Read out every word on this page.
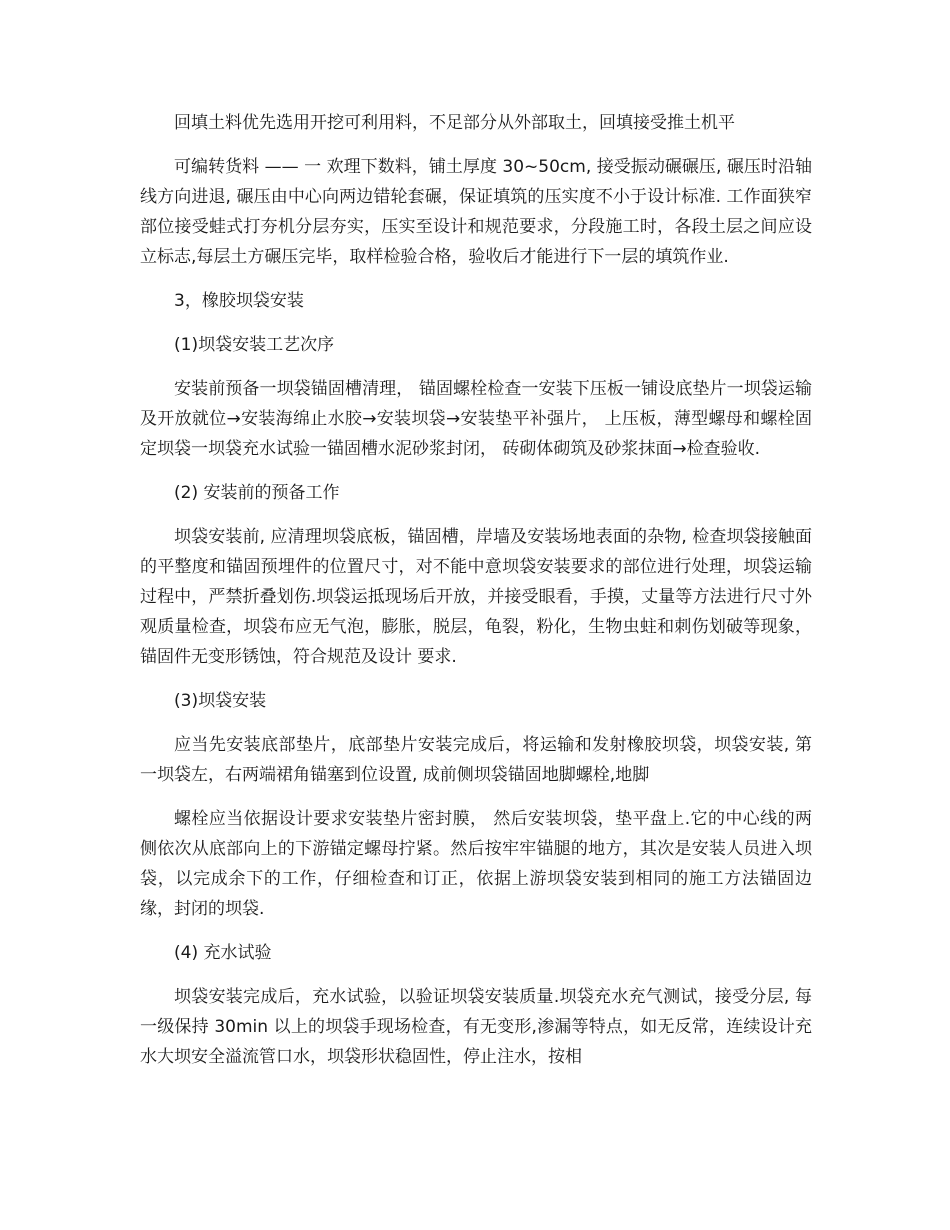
回填土料优先选用开挖可利用料，不足部分从外部取土，回填接受推土机平

可编转货料 —— 一 欢理下数料，铺土厚度 30~50cm, 接受振动碾碾压, 碾压时沿轴线方向进退, 碾压由中心向两边错轮套碾，保证填筑的压实度不小于设计标准. 工作面狭窄部位接受蛙式打夯机分层夯实，压实至设计和规范要求，分段施工时，各段土层之间应设立标志,每层土方碾压完毕，取样检验合格，验收后才能进行下一层的填筑作业.

3，橡胶坝袋安装

(1)坝袋安装工艺次序

安装前预备一坝袋锚固槽清理， 锚固螺栓检查一安装下压板一铺设底垫片一坝袋运输及开放就位→安装海绵止水胶→安装坝袋→安装垫平补强片， 上压板，薄型螺母和螺栓固定坝袋一坝袋充水试验一锚固槽水泥砂浆封闭， 砖砌体砌筑及砂浆抹面→检查验收.

(2) 安装前的预备工作

坝袋安装前, 应清理坝袋底板，锚固槽，岸墙及安装场地表面的杂物, 检查坝袋接触面的平整度和锚固预埋件的位置尺寸，对不能中意坝袋安装要求的部位进行处理，坝袋运输过程中，严禁折叠划伤.坝袋运抵现场后开放，并接受眼看，手摸，丈量等方法进行尺寸外观质量检查，坝袋布应无气泡，膨胀，脱层，龟裂，粉化，生物虫蛀和刺伤划破等现象，锚固件无变形锈蚀，符合规范及设计 要求.

(3)坝袋安装

应当先安装底部垫片，底部垫片安装完成后，将运输和发射橡胶坝袋，坝袋安装, 第一坝袋左，右两端裙角锚塞到位设置, 成前侧坝袋锚固地脚螺栓,地脚

螺栓应当依据设计要求安装垫片密封膜， 然后安装坝袋，垫平盘上.它的中心线的两侧依次从底部向上的下游锚定螺母拧紧。然后按牢牢锚腿的地方，其次是安装人员进入坝袋，以完成余下的工作，仔细检查和订正，依据上游坝袋安装到相同的施工方法锚固边缘，封闭的坝袋.

(4) 充水试验

坝袋安装完成后，充水试验，以验证坝袋安装质量.坝袋充水充气测试，接受分层, 每一级保持 30min 以上的坝袋手现场检查，有无变形,渗漏等特点，如无反常，连续设计充水大坝安全溢流管口水，坝袋形状稳固性，停止注水，按相
